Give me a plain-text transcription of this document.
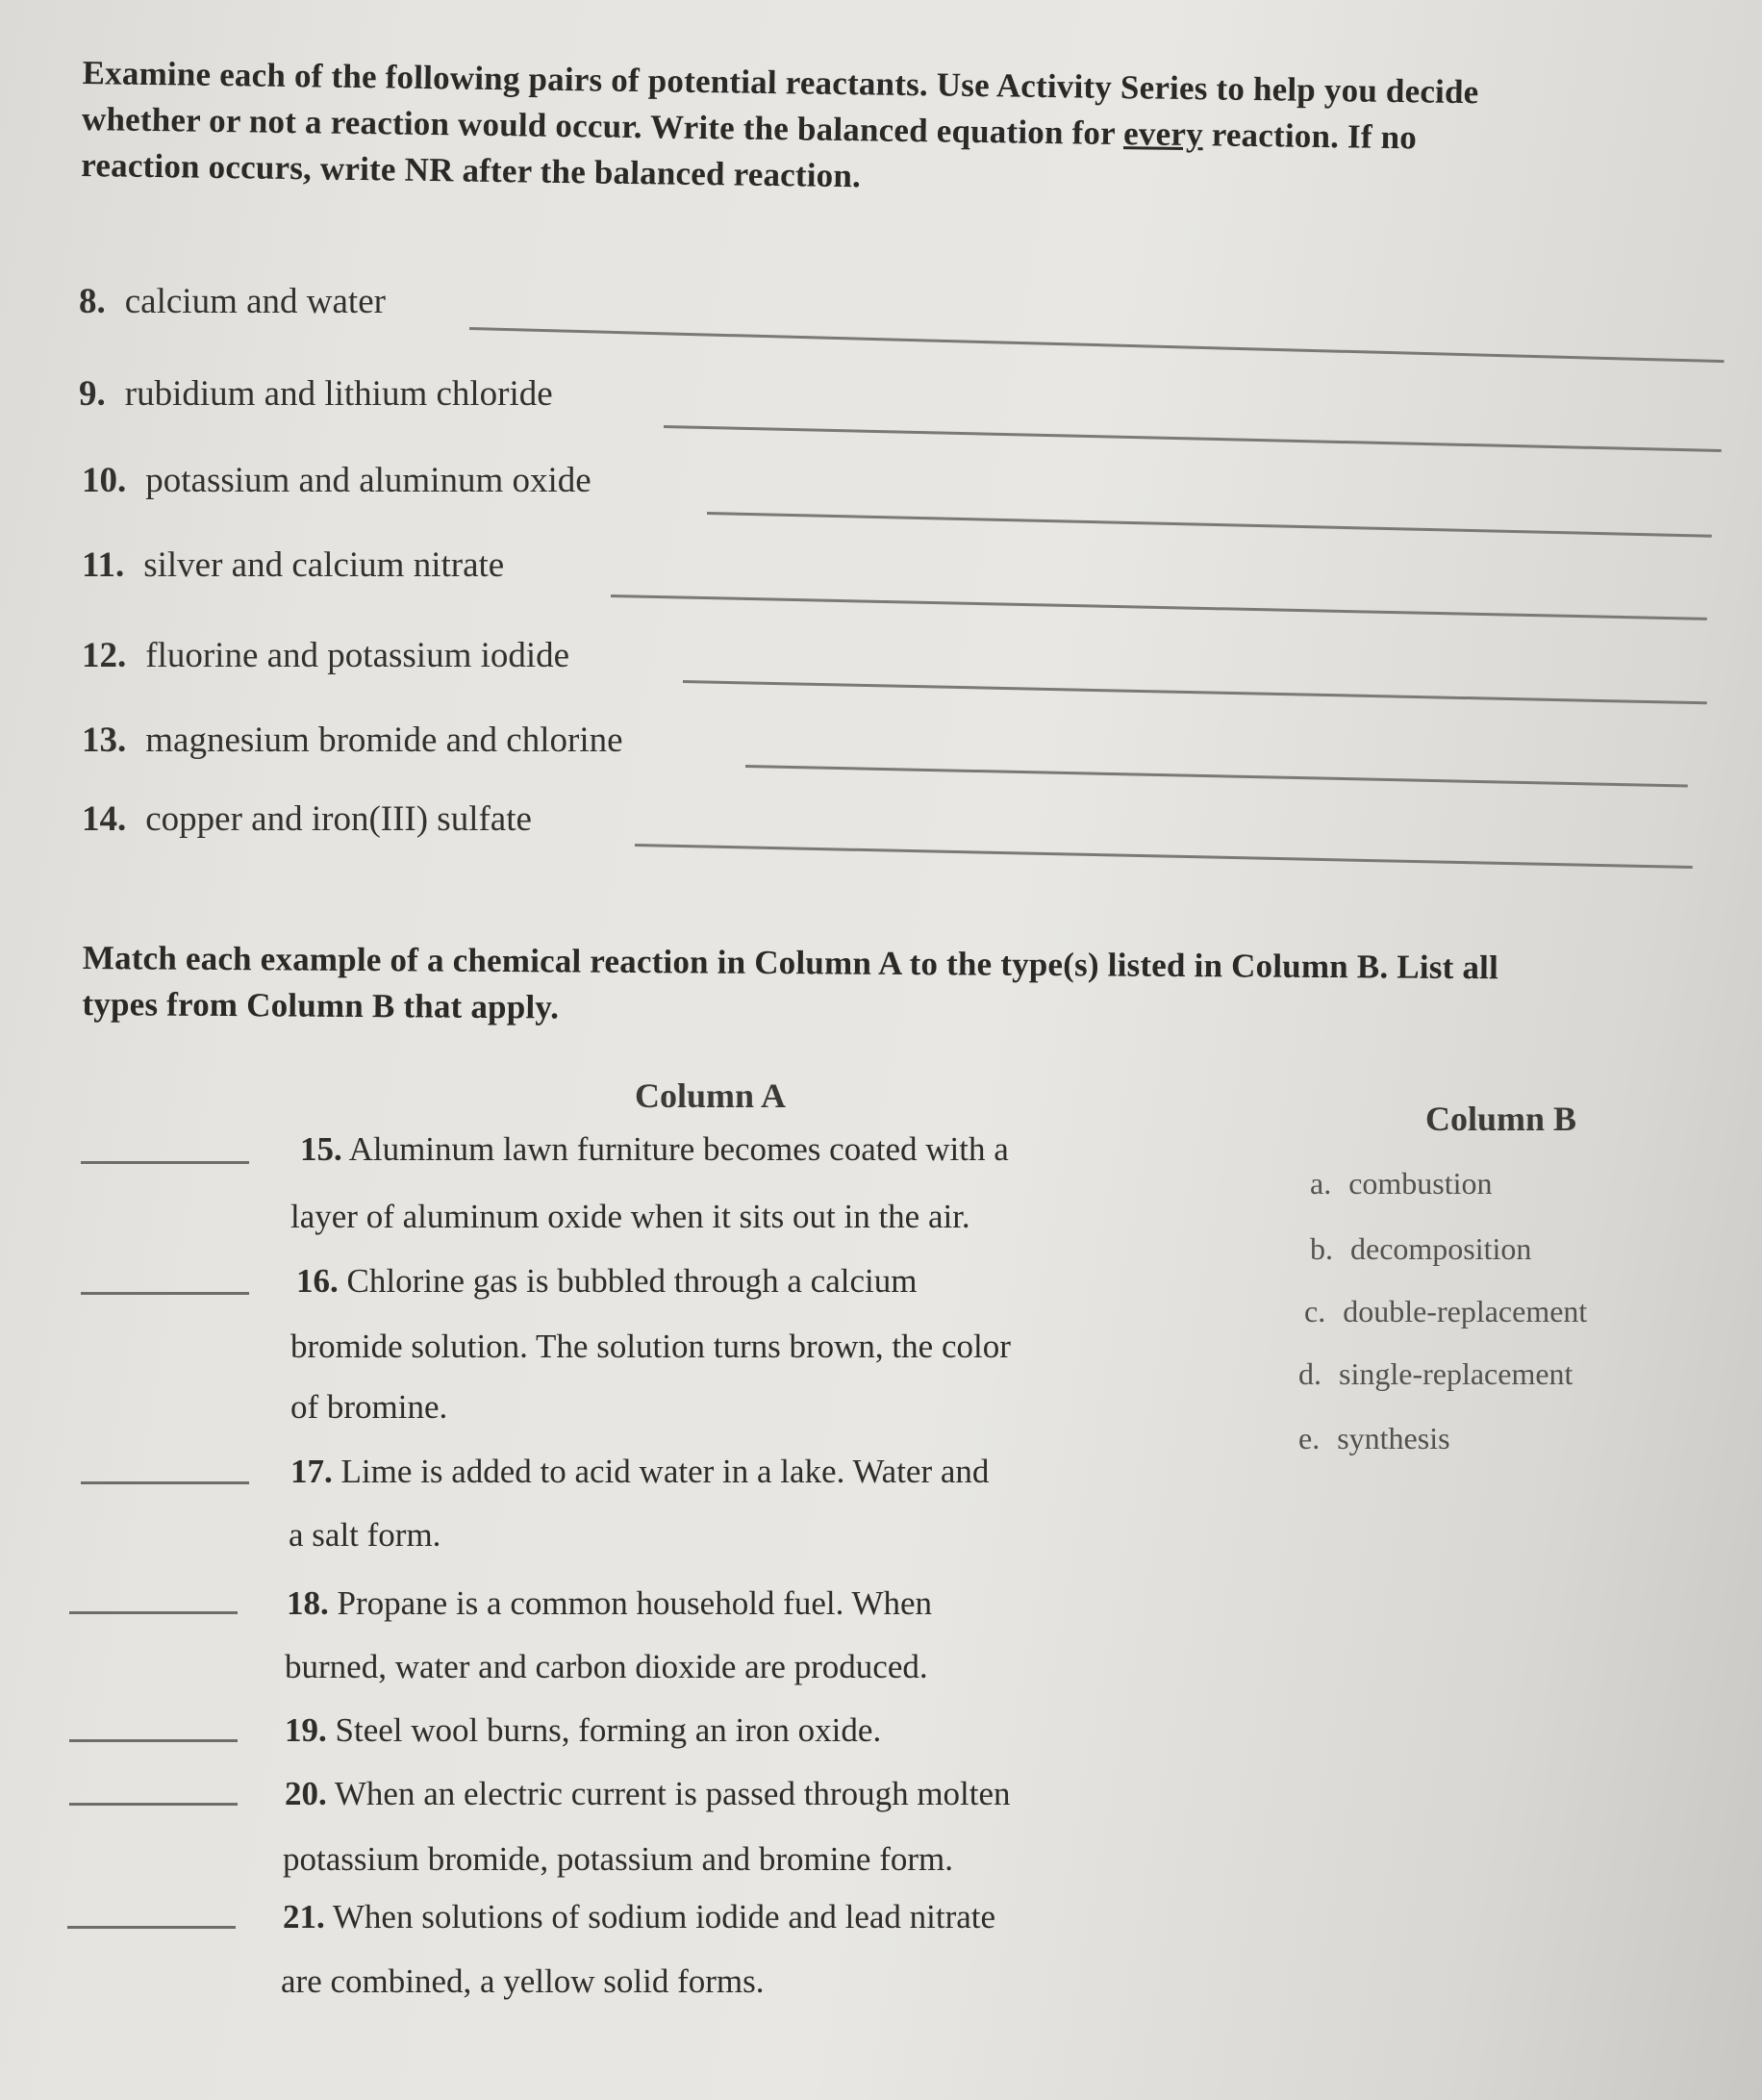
Examine each of the following pairs of potential reactants. Use Activity Series to help you decide
whether or not a reaction would occur. Write the balanced equation for every reaction. If no
reaction occurs, write NR after the balanced reaction.
8. calcium and water
9. rubidium and lithium chloride
10. potassium and aluminum oxide
11. silver and calcium nitrate
12. fluorine and potassium iodide
13. magnesium bromide and chlorine
14. copper and iron(III) sulfate
Match each example of a chemical reaction in Column A to the type(s) listed in Column B. List all
types from Column B that apply.
Column A
Column B
a. combustion
b. decomposition
c. double-replacement
d. single-replacement
e. synthesis
15. Aluminum lawn furniture becomes coated with a
layer of aluminum oxide when it sits out in the air.
16. Chlorine gas is bubbled through a calcium
bromide solution. The solution turns brown, the color
of bromine.
17. Lime is added to acid water in a lake. Water and
a salt form.
18. Propane is a common household fuel. When
burned, water and carbon dioxide are produced.
19. Steel wool burns, forming an iron oxide.
20. When an electric current is passed through molten
potassium bromide, potassium and bromine form.
21. When solutions of sodium iodide and lead nitrate
are combined, a yellow solid forms.
